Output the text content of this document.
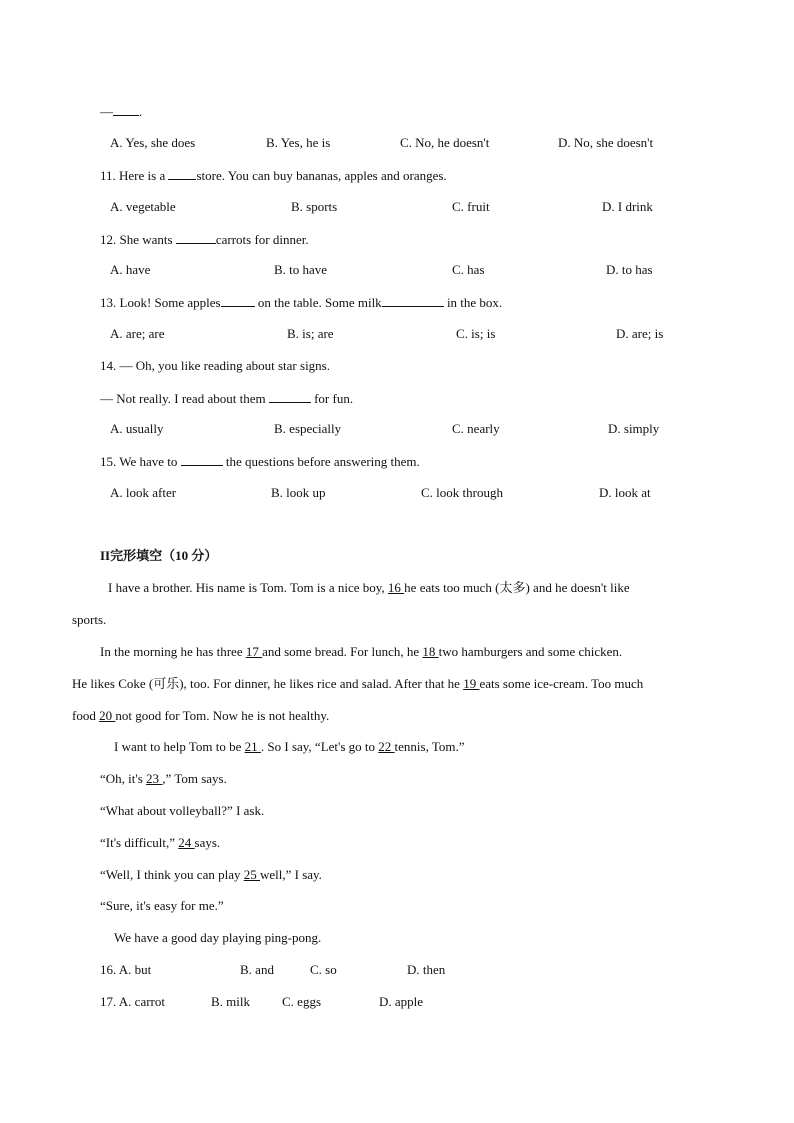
— .
A. Yes, she does	B. Yes, he is	C. No, he doesn't	D. No, she doesn't
11. Here is a store. You can buy bananas, apples and oranges.
A. vegetable	B. sports	C. fruit	D. I drink
12. She wants	carrots for dinner.
A. have	B. to have	C. has	D. to has
13. Look! Some apples	on the table. Some milk	in the box.
A. are; are	B. is; are	C. is; is	D. are; is
14. — Oh, you like reading about star signs.
— Not really. I read about them	for fun.
A. usually	B. especially	C. nearly	D. simply
15. We have to	the questions before answering them.
A. look after	B. look up	C. look through	D. look at
II完形填空（10 分）
I have a brother. His name is Tom. Tom is a nice boy, 16 he eats too much (太多) and he doesn't like
sports.
In the morning he has three 17 and some bread. For lunch, he 18 two hamburgers and some chicken.
He likes Coke (可乐), too. For dinner, he likes rice and salad. After that he 19 eats some ice-cream. Too much
food 20 not good for Tom. Now he is not healthy.
I want to help Tom to be 21 . So I say, “Let's go to 22 tennis, Tom.”
“Oh, it's 23 ,” Tom says.
“What about volleyball?” I ask.
“It's difficult,” 24 says.
“Well, I think you can play 25 well,” I say.
“Sure, it's easy for me.”
We have a good day playing ping-pong.
16. A. but	B. and	C. so	D. then
17. A. carrot	B. milk C. eggs	D. apple
